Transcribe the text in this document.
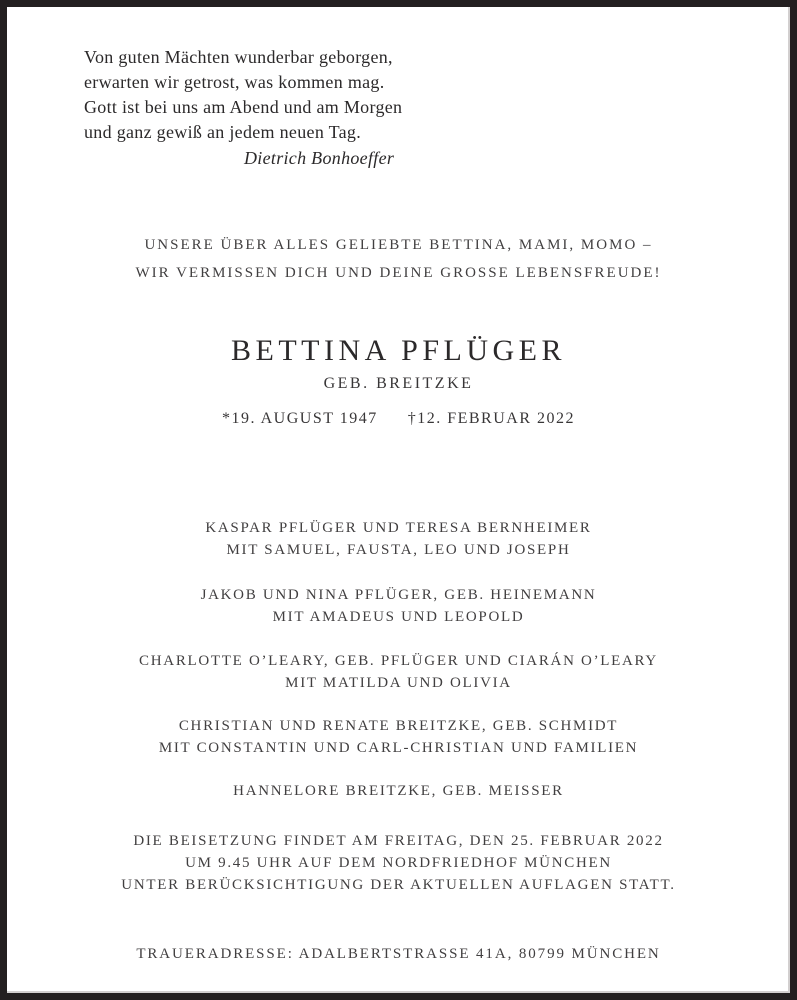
Von guten Mächten wunderbar geborgen,
erwarten wir getrost, was kommen mag.
Gott ist bei uns am Abend und am Morgen
und ganz gewiß an jedem neuen Tag.
Dietrich Bonhoeffer
UNSERE ÜBER ALLES GELIEBTE BETTINA, MAMI, MOMO –
WIR VERMISSEN DICH UND DEINE GROSSE LEBENSFREUDE!
BETTINA PFLÜGER
GEB. BREITZKE
*19. AUGUST 1947 †12. FEBRUAR 2022
KASPAR PFLÜGER UND TERESA BERNHEIMER
MIT SAMUEL, FAUSTA, LEO UND JOSEPH
JAKOB UND NINA PFLÜGER, GEB. HEINEMANN
MIT AMADEUS UND LEOPOLD
CHARLOTTE O’LEARY, GEB. PFLÜGER UND CIARÁN O’LEARY
MIT MATILDA UND OLIVIA
CHRISTIAN UND RENATE BREITZKE, GEB. SCHMIDT
MIT CONSTANTIN UND CARL-CHRISTIAN UND FAMILIEN
HANNELORE BREITZKE, GEB. MEISSER
DIE BEISETZUNG FINDET AM FREITAG, DEN 25. FEBRUAR 2022
UM 9.45 UHR AUF DEM NORDFRIEDHOF MÜNCHEN
UNTER BERÜCKSICHTIGUNG DER AKTUELLEN AUFLAGEN STATT.
TRAUERADRESSE: ADALBERTSTRASSE 41A, 80799 MÜNCHEN
